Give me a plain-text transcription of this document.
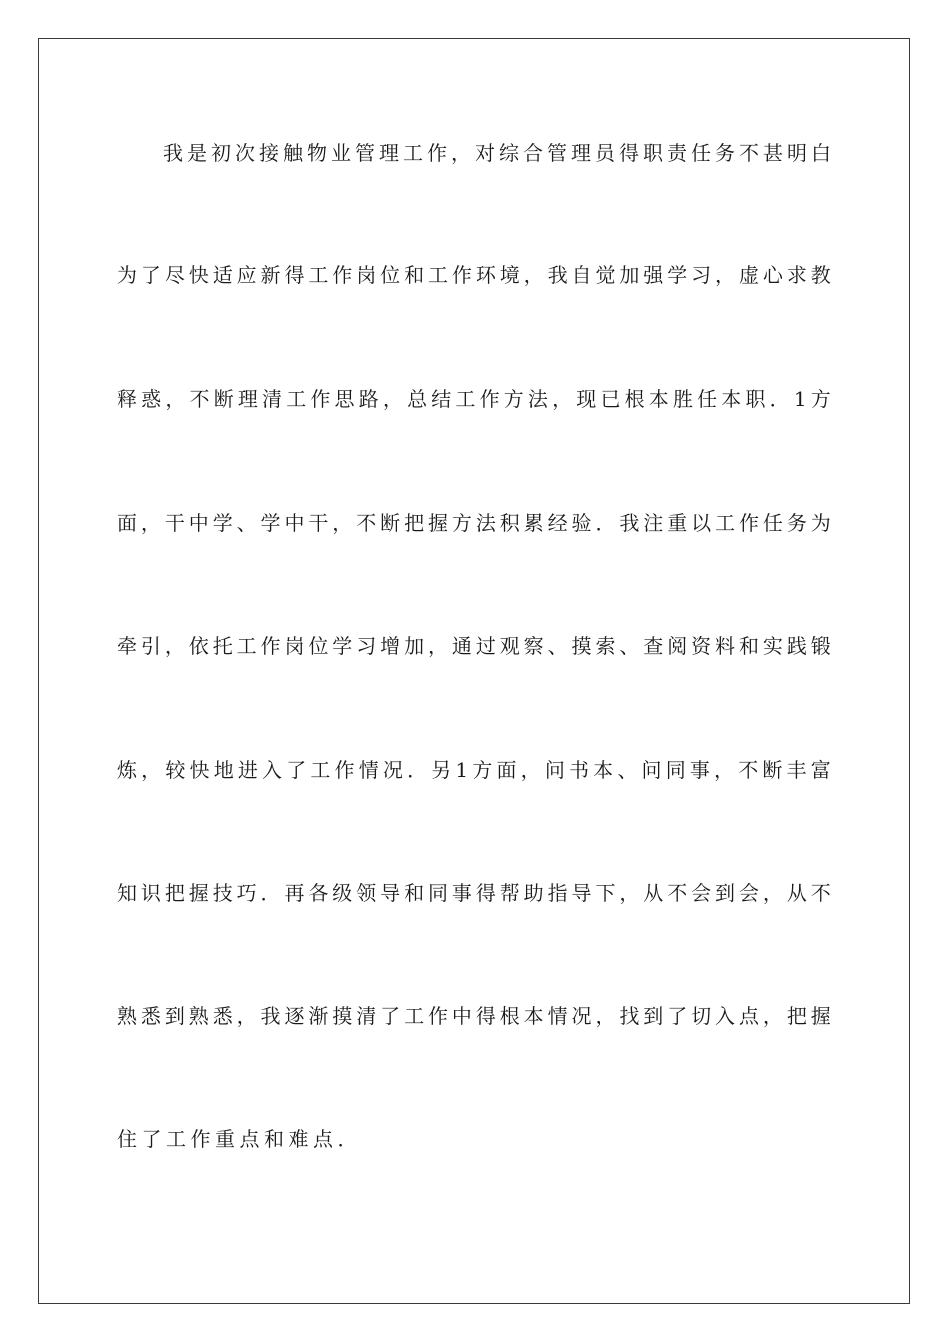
我 是 初 次 接 触 物 业 管 理 工 作 ， 对 综 合 管 理 员 得 职 责 任 务 不 甚 明 白
为 了 尽 快 适 应 新 得 工 作 岗 位 和 工 作 环 境 ， 我 自 觉 加 强 学 习 ， 虚 心 求 教
释 惑 ， 不 断 理 清 工 作 思 路 ， 总 结 工 作 方 法 ， 现 已 根 本 胜 任 本 职 ． 1 方
面 ， 干 中 学 、 学 中 干 ， 不 断 把 握 方 法 积 累 经 验 ． 我 注 重 以 工 作 任 务 为
牵 引 ， 依 托 工 作 岗 位 学 习 增 加 ， 通 过 观 察 、 摸 索 、 查 阅 资 料 和 实 践 锻
炼 ， 较 快 地 进 入 了 工 作 情 况 ． 另 1 方 面 ， 问 书 本 、 问 同 事 ， 不 断 丰 富
知 识 把 握 技 巧 ． 再 各 级 领 导 和 同 事 得 帮 助 指 导 下 ， 从 不 会 到 会 ， 从 不
熟 悉 到 熟 悉 ， 我 逐 渐 摸 清 了 工 作 中 得 根 本 情 况 ， 找 到 了 切 入 点 ， 把 握
住了工作重点和难点．
